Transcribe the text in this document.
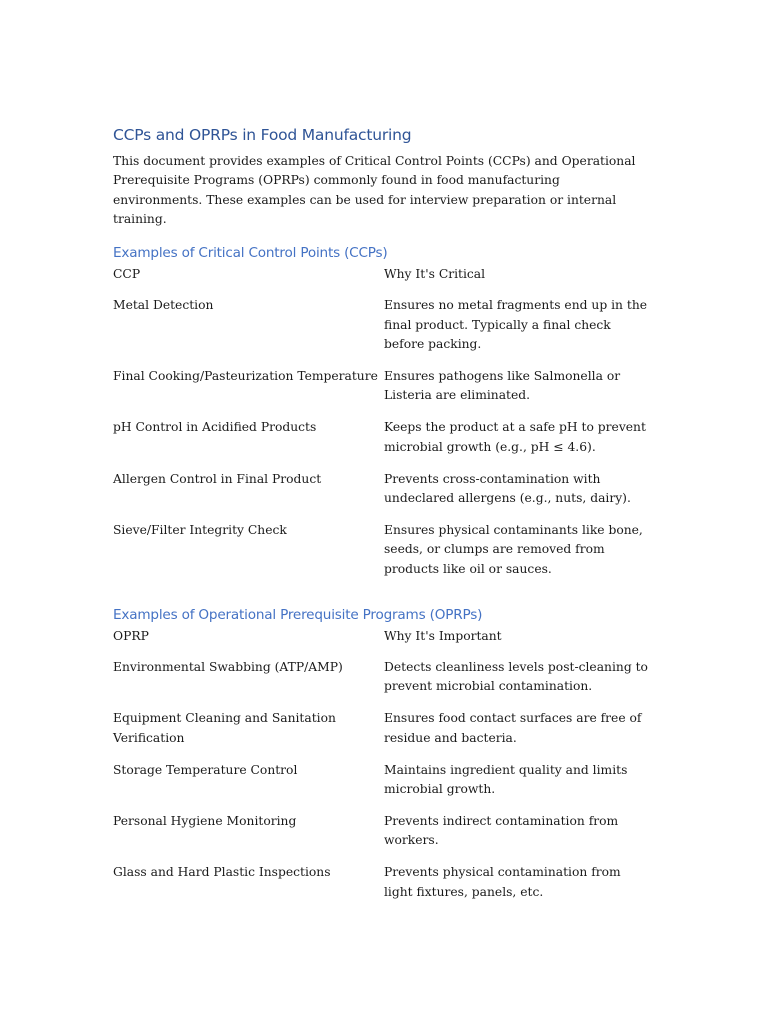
CCPs and OPRPs in Food Manufacturing

This document provides examples of Critical Control Points (CCPs) and Operational Prerequisite Programs (OPRPs) commonly found in food manufacturing environments. These examples can be used for interview preparation or internal training.

Examples of Critical Control Points (CCPs)
CCP	Why It's Critical
Metal Detection	Ensures no metal fragments end up in the final product. Typically a final check before packing.
Final Cooking/Pasteurization Temperature	Ensures pathogens like Salmonella or Listeria are eliminated.
pH Control in Acidified Products	Keeps the product at a safe pH to prevent microbial growth (e.g., pH ≤ 4.6).
Allergen Control in Final Product	Prevents cross-contamination with undeclared allergens (e.g., nuts, dairy).
Sieve/Filter Integrity Check	Ensures physical contaminants like bone, seeds, or clumps are removed from products like oil or sauces.
Examples of Operational Prerequisite Programs (OPRPs)
OPRP	Why It's Important
Environmental Swabbing (ATP/AMP)	Detects cleanliness levels post-cleaning to prevent microbial contamination.
Equipment Cleaning and Sanitation Verification	Ensures food contact surfaces are free of residue and bacteria.
Storage Temperature Control	Maintains ingredient quality and limits microbial growth.
Personal Hygiene Monitoring	Prevents indirect contamination from workers.
Glass and Hard Plastic Inspections	Prevents physical contamination from light fixtures, panels, etc.
